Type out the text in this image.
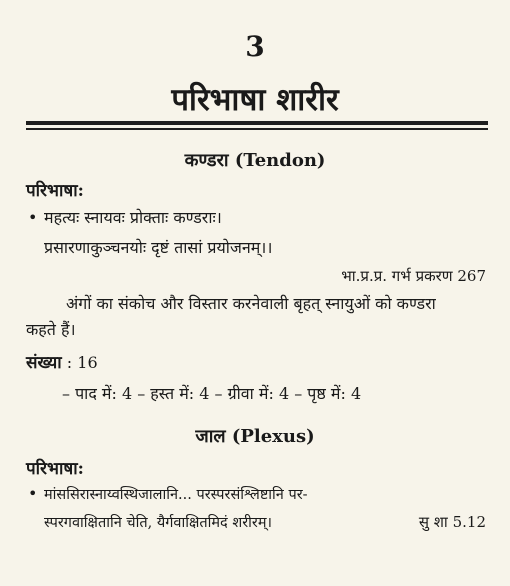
3
परिभाषा शारीर
कण्डरा (Tendon)
परिभाषा:
• महत्यः स्नायवः प्रोक्ताः कण्डराः।
प्रसारणाकुञ्चनयोः दृष्टं तासां प्रयोजनम्।।
भा.प्र.प्र. गर्भ प्रकरण 267
अंगों का संकोच और विस्तार करनेवाली बृहत् स्नायुओं को कण्डरा
कहते हैं।
संख्या : 16
– पाद में: 4 – हस्त में: 4 – ग्रीवा में: 4 – पृष्ठ में: 4
जाल (Plexus)
परिभाषा:
• मांससिरास्नाय्वस्थिजालानि... परस्परसंश्लिष्टानि पर-
स्परगवाक्षितानि चेति, यैर्गवाक्षितमिदं शरीरम्।	सु शा 5.12
